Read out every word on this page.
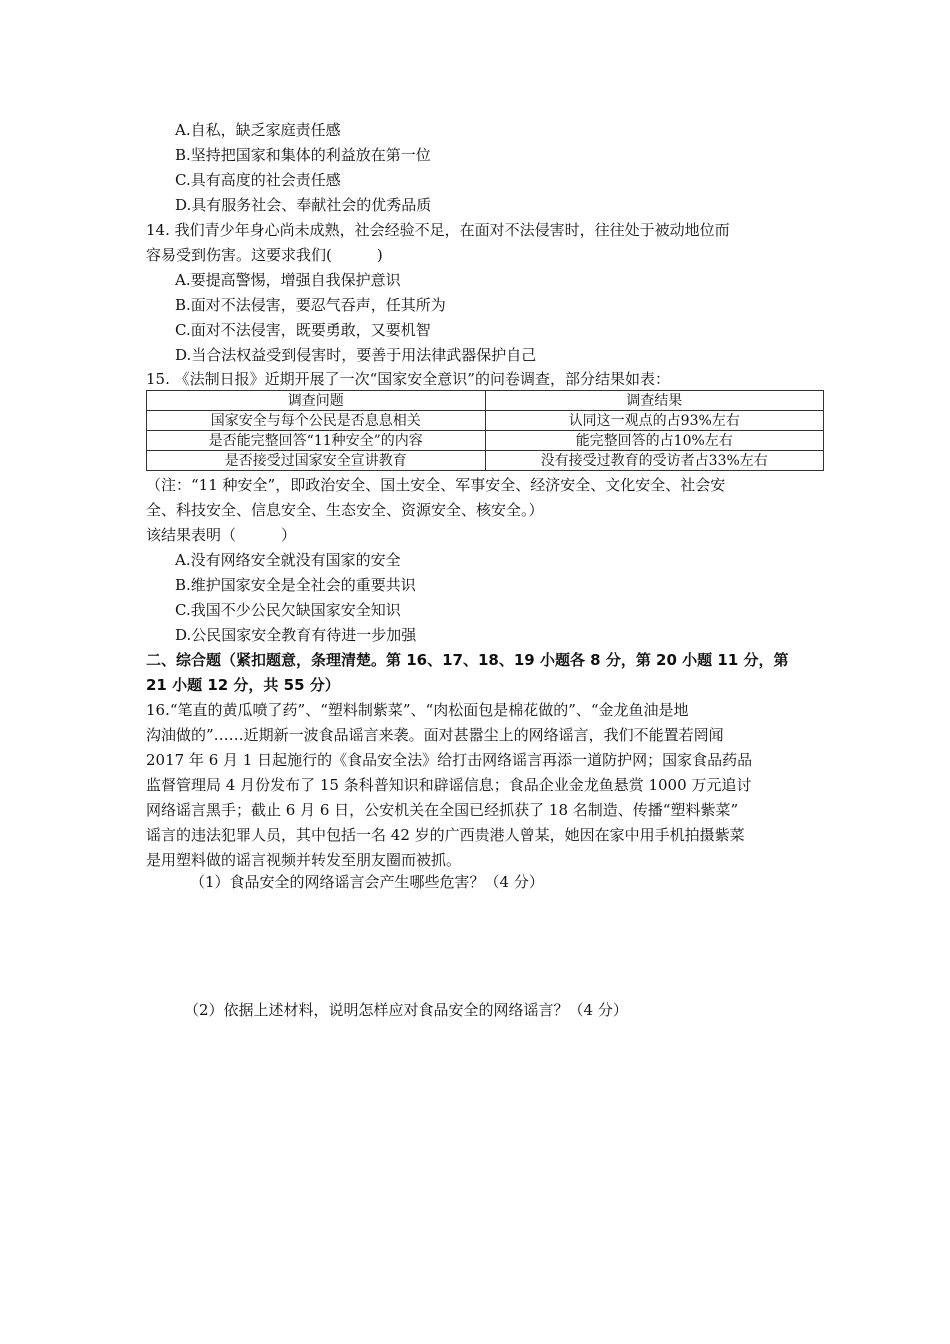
A.自私，缺乏家庭责任感
B.坚持把国家和集体的利益放在第一位
C.具有高度的社会责任感
D.具有服务社会、奉献社会的优秀品质
14. 我们青少年身心尚未成熟，社会经验不足，在面对不法侵害时，往往处于被动地位而
容易受到伤害。这要求我们(　　　)
A.要提高警惕，增强自我保护意识
B.面对不法侵害，要忍气吞声，任其所为
C.面对不法侵害，既要勇敢，又要机智
D.当合法权益受到侵害时，要善于用法律武器保护自己
15. 《法制日报》近期开展了一次“国家安全意识”的问卷调查，部分结果如表：
调查问题	调查结果
国家安全与每个公民是否息息相关	认同这一观点的占93%左右
是否能完整回答“11种安全”的内容	能完整回答的占10%左右
是否接受过国家安全宣讲教育	没有接受过教育的受访者占33%左右
（注：“11 种安全”，即政治安全、国土安全、军事安全、经济安全、文化安全、社会安
全、科技安全、信息安全、生态安全、资源安全、核安全。）
该结果表明（　　　）
A.没有网络安全就没有国家的安全
B.维护国家安全是全社会的重要共识
C.我国不少公民欠缺国家安全知识
D.公民国家安全教育有待进一步加强
二、综合题（紧扣题意，条理清楚。第 16、17、18、19 小题各 8 分，第 20 小题 11 分，第
21 小题 12 分，共 55 分）
16.“笔直的黄瓜喷了药”、“塑料制紫菜”、“肉松面包是棉花做的”、“金龙鱼油是地
沟油做的”……近期新一波食品谣言来袭。面对甚嚣尘上的网络谣言，我们不能置若罔闻
2017 年 6 月 1 日起施行的《食品安全法》给打击网络谣言再添一道防护网；国家食品药品
监督管理局 4 月份发布了 15 条科普知识和辟谣信息；食品企业金龙鱼悬赏 1000 万元追讨
网络谣言黑手；截止 6 月 6 日，公安机关在全国已经抓获了 18 名制造、传播“塑料紫菜”
谣言的违法犯罪人员，其中包括一名 42 岁的广西贵港人曾某，她因在家中用手机拍摄紫菜
是用塑料做的谣言视频并转发至朋友圈而被抓。
（1）食品安全的网络谣言会产生哪些危害？（4 分）
（2）依据上述材料，说明怎样应对食品安全的网络谣言？（4 分）
